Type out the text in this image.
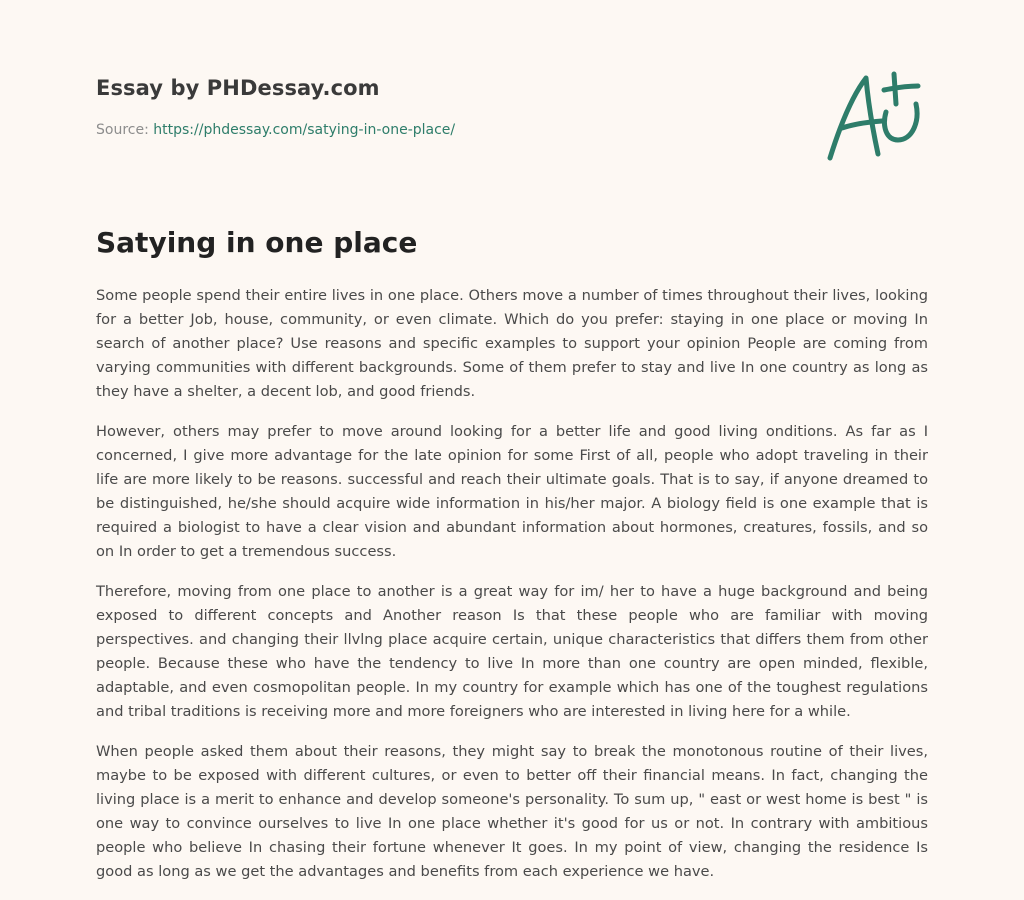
Essay by PHDessay.com
Source: https://phdessay.com/satying-in-one-place/
Satying in one place

Some people spend their entire lives in one place. Others move a number of times throughout their lives, looking for a better Job, house, community, or even climate. Which do you prefer: staying in one place or moving In search of another place? Use reasons and specific examples to support your opinion People are coming from varying communities with different backgrounds. Some of them prefer to stay and live In one country as long as they have a shelter, a decent lob, and good friends.

However, others may prefer to move around looking for a better life and good living onditions. As far as I concerned, I give more advantage for the late opinion for some First of all, people who adopt traveling in their life are more likely to be reasons. successful and reach their ultimate goals. That is to say, if anyone dreamed to be distinguished, he/she should acquire wide information in his/her major. A biology field is one example that is required a biologist to have a clear vision and abundant information about hormones, creatures, fossils, and so on In order to get a tremendous success.

Therefore, moving from one place to another is a great way for im/ her to have a huge background and being exposed to different concepts and Another reason Is that these people who are familiar with moving perspectives. and changing their llvlng place acquire certain, unique characteristics that differs them from other people. Because these who have the tendency to live In more than one country are open minded, flexible, adaptable, and even cosmopolitan people. In my country for example which has one of the toughest regulations and tribal traditions is receiving more and more foreigners who are interested in living here for a while.

When people asked them about their reasons, they might say to break the monotonous routine of their lives, maybe to be exposed with different cultures, or even to better off their financial means. In fact, changing the living place is a merit to enhance and develop someone's personality. To sum up, " east or west home is best " is one way to convince ourselves to live In one place whether it's good for us or not. In contrary with ambitious people who believe In chasing their fortune whenever It goes. In my point of view, changing the residence Is good as long as we get the advantages and benefits from each experience we have.
